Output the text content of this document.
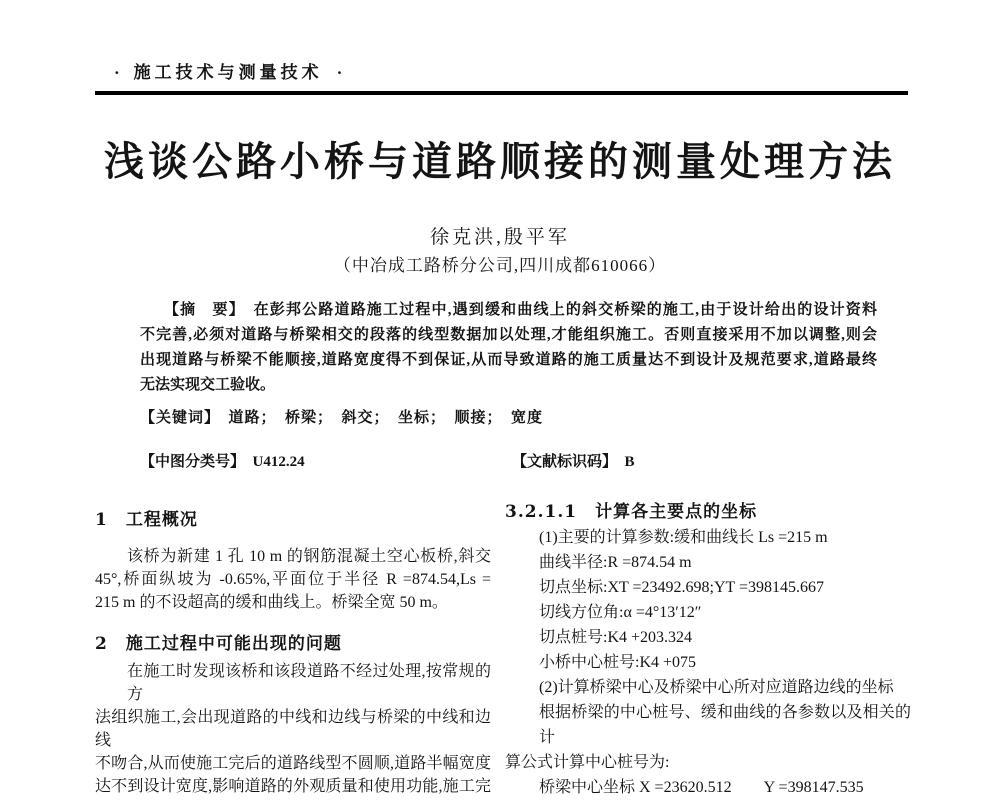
· 施工技术与测量技术 ·
浅谈公路小桥与道路顺接的测量处理方法
徐克洪,殷平军
（中冶成工路桥分公司,四川成都610066）
【摘　要】　在彭邦公路道路施工过程中,遇到缓和曲线上的斜交桥梁的施工,由于设计给出的设计资料
不完善,必须对道路与桥梁相交的段落的线型数据加以处理,才能组织施工。否则直接采用不加以调整,则会
出现道路与桥梁不能顺接,道路宽度得不到保证,从而导致道路的施工质量达不到设计及规范要求,道路最终
无法实现交工验收。
【关键词】　道路；　桥梁；　斜交；　坐标；　顺接；　宽度
【中图分类号】　U412.24	【文献标识码】　B
1　工程概况
该桥为新建 1 孔 10 m 的钢筋混凝土空心板桥,斜交
45°,桥面纵坡为 -0.65%,平面位于半径 R =874.54,Ls =
215 m 的不设超高的缓和曲线上。桥梁全宽 50 m。
2　施工过程中可能出现的问题
在施工时发现该桥和该段道路不经过处理,按常规的方
法组织施工,会出现道路的中线和边线与桥梁的中线和边线
不吻合,从而使施工完后的道路线型不圆顺,道路半幅宽度
达不到设计宽度,影响道路的外观质量和使用功能,施工完
3.2.1.1　计算各主要点的坐标
(1)主要的计算参数:缓和曲线长 Ls =215 m
曲线半径:R =874.54 m
切点坐标:XT =23492.698;YT =398145.667
切线方位角:α =4°13′12″
切点桩号:K4 +203.324
小桥中心桩号:K4 +075
(2)计算桥梁中心及桥梁中心所对应道路边线的坐标
根据桥梁的中心桩号、缓和曲线的各参数以及相关的计
算公式计算中心桩号为:
桥梁中心坐标 X =23620.512　　Y =398147.535
